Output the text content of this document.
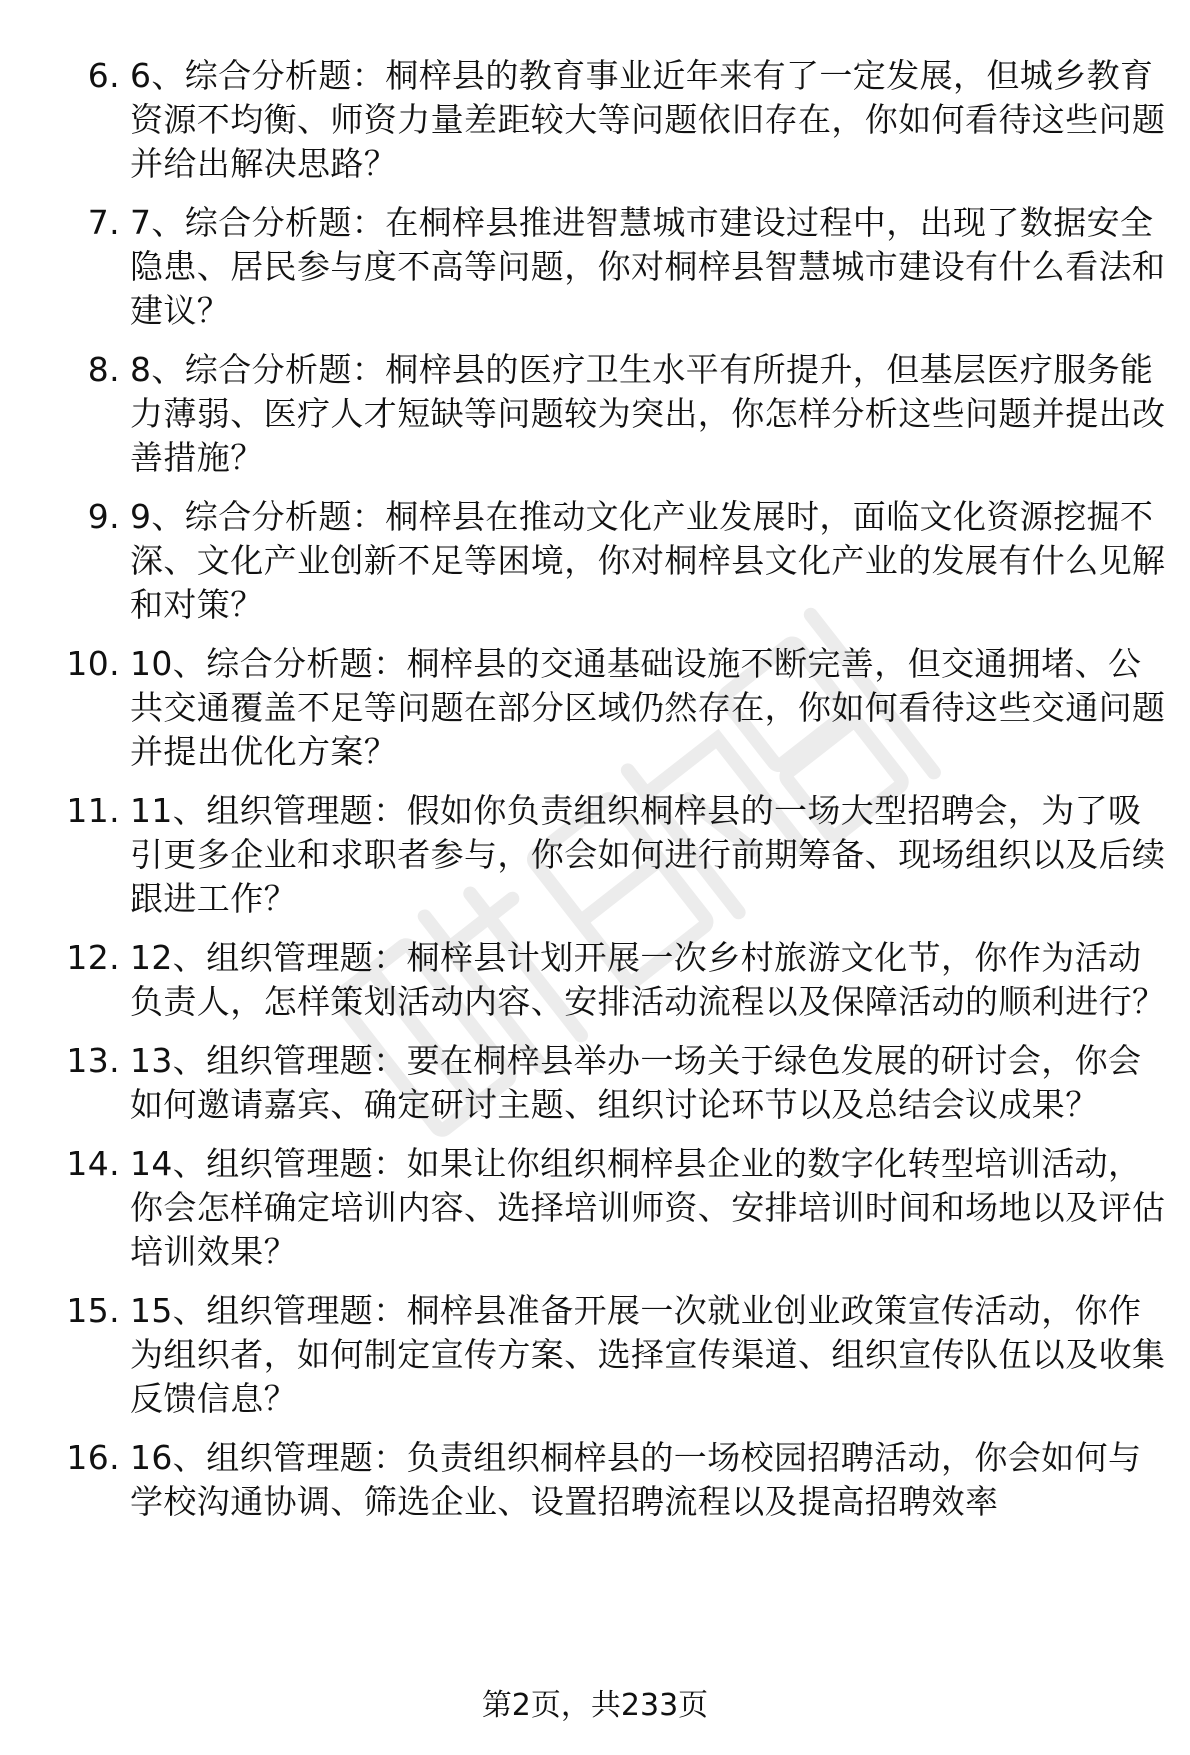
6. 6、综合分析题：桐梓县的教育事业近年来有了一定发展，但城乡教育资源不均衡、师资力量差距较大等问题依旧存在，你如何看待这些问题并给出解决思路？
7. 7、综合分析题：在桐梓县推进智慧城市建设过程中，出现了数据安全隐患、居民参与度不高等问题，你对桐梓县智慧城市建设有什么看法和建议？
8. 8、综合分析题：桐梓县的医疗卫生水平有所提升，但基层医疗服务能力薄弱、医疗人才短缺等问题较为突出，你怎样分析这些问题并提出改善措施？
9. 9、综合分析题：桐梓县在推动文化产业发展时，面临文化资源挖掘不深、文化产业创新不足等困境，你对桐梓县文化产业的发展有什么见解和对策？
10. 10、综合分析题：桐梓县的交通基础设施不断完善，但交通拥堵、公共交通覆盖不足等问题在部分区域仍然存在，你如何看待这些交通问题并提出优化方案？
11. 11、组织管理题：假如你负责组织桐梓县的一场大型招聘会，为了吸引更多企业和求职者参与，你会如何进行前期筹备、现场组织以及后续跟进工作？
12. 12、组织管理题：桐梓县计划开展一次乡村旅游文化节，你作为活动负责人，怎样策划活动内容、安排活动流程以及保障活动的顺利进行？
13. 13、组织管理题：要在桐梓县举办一场关于绿色发展的研讨会，你会如何邀请嘉宾、确定研讨主题、组织讨论环节以及总结会议成果？
14. 14、组织管理题：如果让你组织桐梓县企业的数字化转型培训活动，你会怎样确定培训内容、选择培训师资、安排培训时间和场地以及评估培训效果？
15. 15、组织管理题：桐梓县准备开展一次就业创业政策宣传活动，你作为组织者，如何制定宣传方案、选择宣传渠道、组织宣传队伍以及收集反馈信息？
16. 16、组织管理题：负责组织桐梓县的一场校园招聘活动，你会如何与学校沟通协调、筛选企业、设置招聘流程以及提高招聘效率
第2页，共233页
